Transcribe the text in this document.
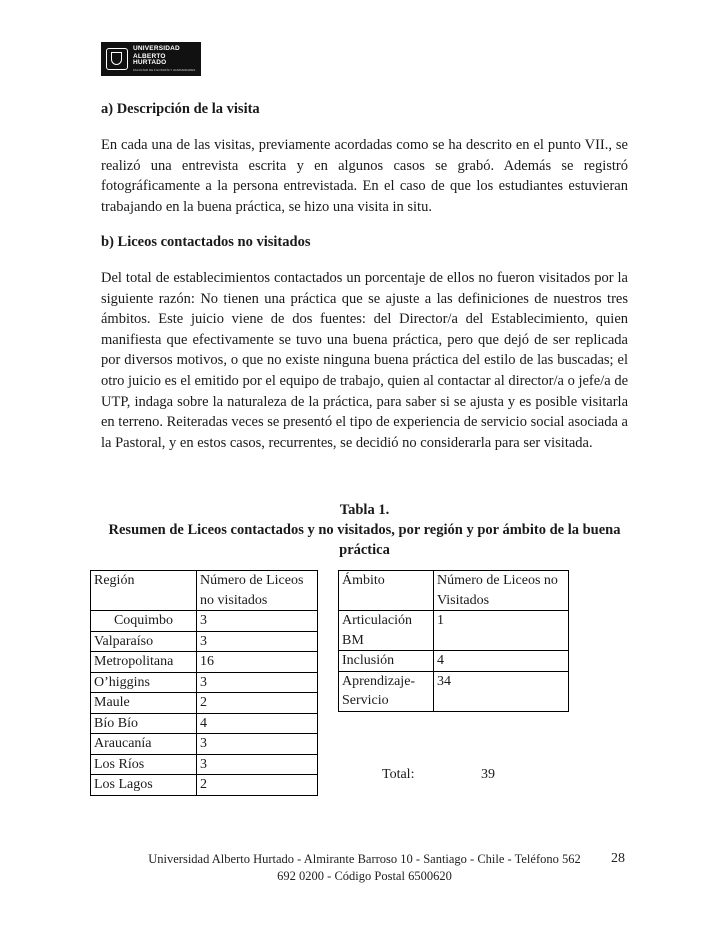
UNIVERSIDAD
ALBERTO HURTADO
FACULTAD DE FILOSOFÍA Y HUMANIDADES
a) Descripción de la visita

En cada una de las visitas, previamente acordadas como se ha descrito en el punto VII., se realizó una entrevista escrita y en algunos casos se grabó. Además se registró fotográficamente a la persona entrevistada. En el caso de que los estudiantes estuvieran trabajando en la buena práctica, se hizo una visita in situ.

b) Liceos contactados no visitados

Del total de establecimientos contactados un porcentaje de ellos no fueron visitados por la siguiente razón: No tienen una práctica que se ajuste a las definiciones de nuestros tres ámbitos. Este juicio viene de dos fuentes: del Director/a del Establecimiento, quien manifiesta que efectivamente se tuvo una buena práctica, pero que dejó de ser replicada por diversos motivos, o que no existe ninguna buena práctica del estilo de las buscadas; el otro juicio es el emitido por el equipo de trabajo, quien al contactar al director/a o jefe/a de UTP, indaga sobre la naturaleza de la práctica, para saber si se ajusta y es posible visitarla en terreno. Reiteradas veces se presentó el tipo de experiencia de servicio social asociada a la Pastoral, y en estos casos, recurrentes, se decidió no considerarla para ser visitada.

Tabla 1.
Resumen de Liceos contactados y no visitados, por región y por ámbito de la buena práctica
Región	Número de Liceos no visitados
Coquimbo	3
Valparaíso	3
Metropolitana	16
O’higgins	3
Maule	2
Bío Bío	4
Araucanía	3
Los Ríos	3
Los Lagos	2
Ámbito	Número de Liceos no Visitados
Articulación BM	1
Inclusión	4
Aprendizaje-Servicio	34
Total:	39
Universidad Alberto Hurtado - Almirante Barroso 10 - Santiago - Chile - Teléfono 562
692 0200 - Código Postal 6500620
28
